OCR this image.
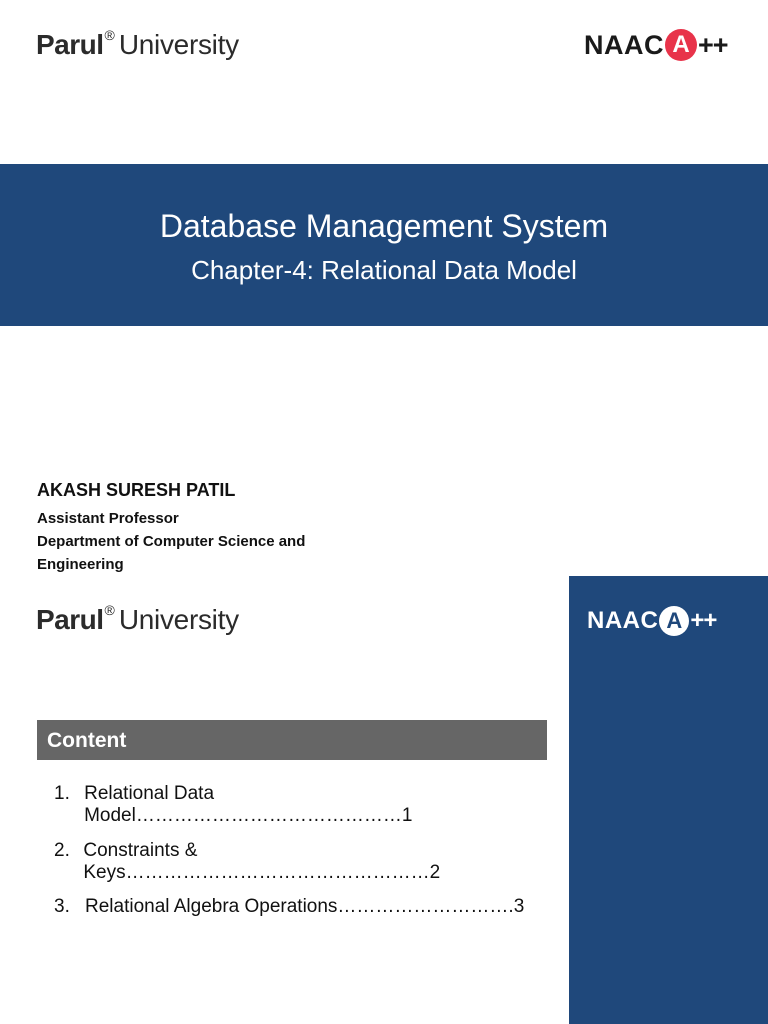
Parul ® University	NAAC A ++
Database Management System
Chapter-4: Relational Data Model
AKASH SURESH PATIL
Assistant Professor
Department of Computer Science and
Engineering
Parul ® University	NAAC A ++
Content
1. Relational Data Model……………………………………1
2. Constraints & Keys…………………………………………2
3. Relational Algebra Operations……………………….3
